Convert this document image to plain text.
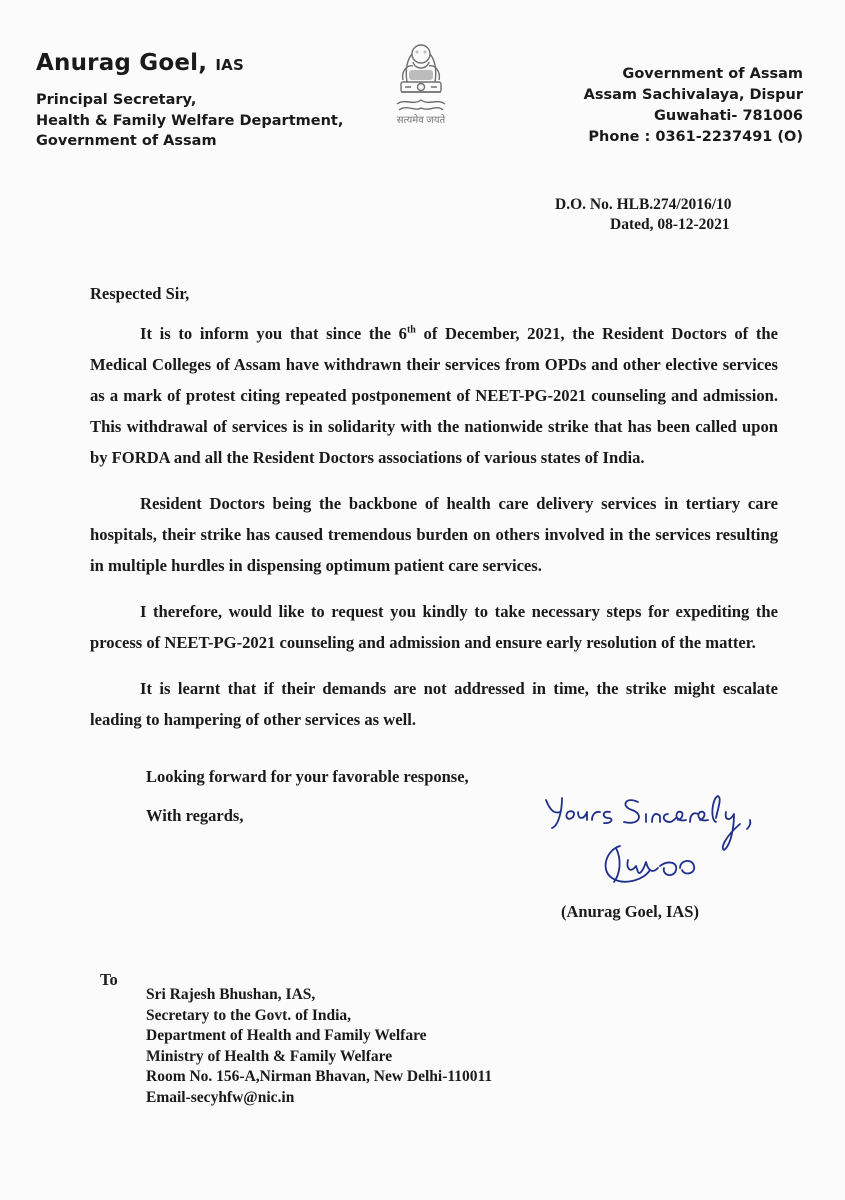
Anurag Goel, IAS
Principal Secretary,
Health & Family Welfare Department,
Government of Assam
सत्यमेव जयते
Government of Assam
Assam Sachivalaya, Dispur
Guwahati- 781006
Phone : 0361-2237491 (O)
D.O. No. HLB.274/2016/10
Dated, 08-12-2021
Respected Sir,

It is to inform you that since the 6th of December, 2021, the Resident Doctors of the Medical Colleges of Assam have withdrawn their services from OPDs and other elective services as a mark of protest citing repeated postponement of NEET-PG-2021 counseling and admission. This withdrawal of services is in solidarity with the nationwide strike that has been called upon by FORDA and all the Resident Doctors associations of various states of India.

Resident Doctors being the backbone of health care delivery services in tertiary care hospitals, their strike has caused tremendous burden on others involved in the services resulting in multiple hurdles in dispensing optimum patient care services.

I therefore, would like to request you kindly to take necessary steps for expediting the process of NEET-PG-2021 counseling and admission and ensure early resolution of the matter.

It is learnt that if their demands are not addressed in time, the strike might escalate leading to hampering of other services as well.

Looking forward for your favorable response,
With regards,
(Anurag Goel, IAS)
To
Sri Rajesh Bhushan, IAS,
Secretary to the Govt. of India,
Department of Health and Family Welfare
Ministry of Health & Family Welfare
Room No. 156-A,Nirman Bhavan, New Delhi-110011
Email-secyhfw@nic.in
